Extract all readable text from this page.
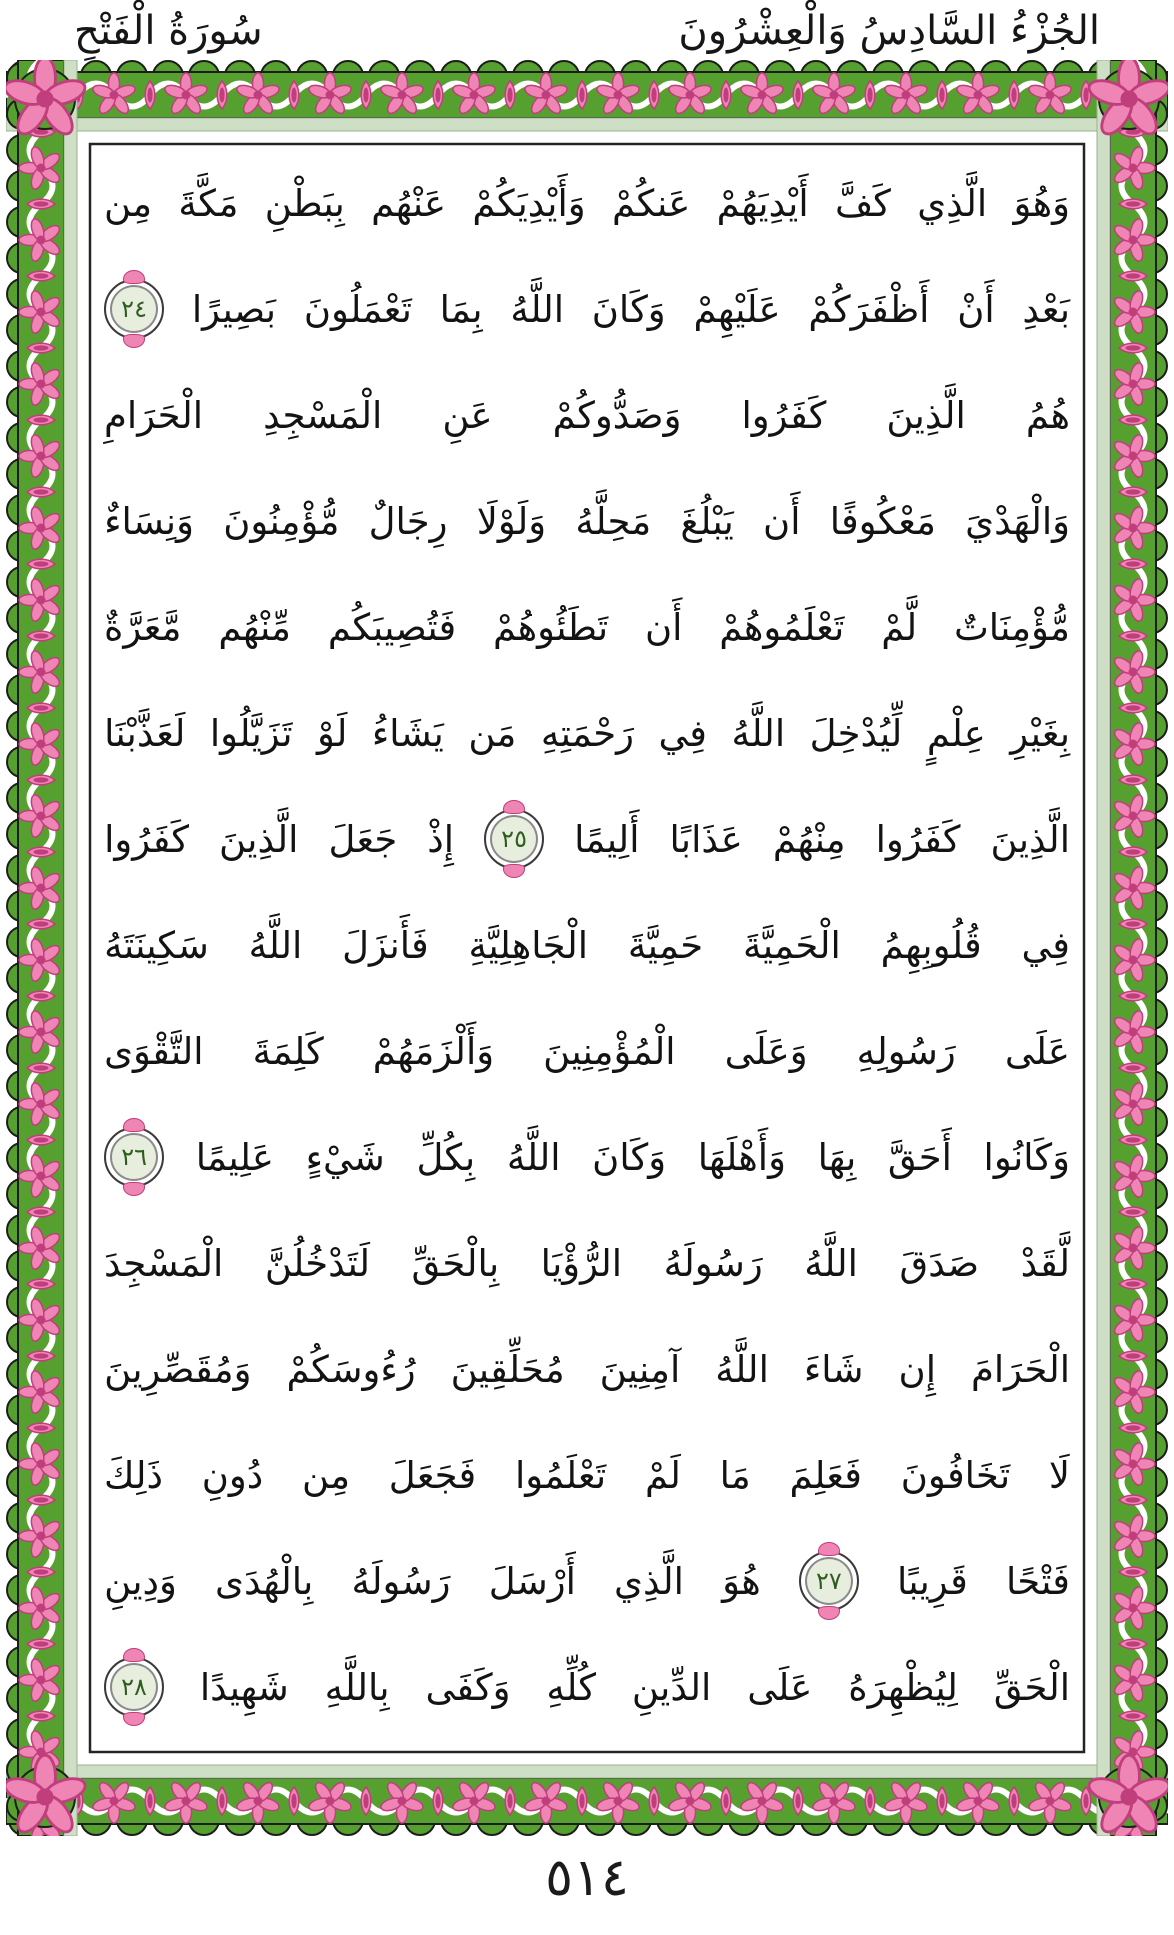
الجُزْءُ السَّادِسُ وَالْعِشْرُونَ
سُورَةُ الْفَتْحِ
وَهُوَ
الَّذِي
كَفَّ
أَيْدِيَهُمْ
عَنكُمْ
وَأَيْدِيَكُمْ
عَنْهُم
بِبَطْنِ
مَكَّةَ
مِن
بَعْدِ
أَنْ
أَظْفَرَكُمْ
عَلَيْهِمْ
وَكَانَ
اللَّهُ
بِمَا
تَعْمَلُونَ
بَصِيرًا
٢٤
هُمُ
الَّذِينَ
كَفَرُوا
وَصَدُّوكُمْ
عَنِ
الْمَسْجِدِ
الْحَرَامِ
وَالْهَدْيَ
مَعْكُوفًا
أَن
يَبْلُغَ
مَحِلَّهُ
وَلَوْلَا
رِجَالٌ
مُّؤْمِنُونَ
وَنِسَاءٌ
مُّؤْمِنَاتٌ
لَّمْ
تَعْلَمُوهُمْ
أَن
تَطَئُوهُمْ
فَتُصِيبَكُم
مِّنْهُم
مَّعَرَّةٌ
بِغَيْرِ
عِلْمٍ
لِّيُدْخِلَ
اللَّهُ
فِي
رَحْمَتِهِ
مَن
يَشَاءُ
لَوْ
تَزَيَّلُوا
لَعَذَّبْنَا
الَّذِينَ
كَفَرُوا
مِنْهُمْ
عَذَابًا
أَلِيمًا
٢٥
إِذْ
جَعَلَ
الَّذِينَ
كَفَرُوا
فِي
قُلُوبِهِمُ
الْحَمِيَّةَ
حَمِيَّةَ
الْجَاهِلِيَّةِ
فَأَنزَلَ
اللَّهُ
سَكِينَتَهُ
عَلَى
رَسُولِهِ
وَعَلَى
الْمُؤْمِنِينَ
وَأَلْزَمَهُمْ
كَلِمَةَ
التَّقْوَى
وَكَانُوا
أَحَقَّ
بِهَا
وَأَهْلَهَا
وَكَانَ
اللَّهُ
بِكُلِّ
شَيْءٍ
عَلِيمًا
٢٦
لَّقَدْ
صَدَقَ
اللَّهُ
رَسُولَهُ
الرُّؤْيَا
بِالْحَقِّ
لَتَدْخُلُنَّ
الْمَسْجِدَ
الْحَرَامَ
إِن
شَاءَ
اللَّهُ
آمِنِينَ
مُحَلِّقِينَ
رُءُوسَكُمْ
وَمُقَصِّرِينَ
لَا
تَخَافُونَ
فَعَلِمَ
مَا
لَمْ
تَعْلَمُوا
فَجَعَلَ
مِن
دُونِ
ذَلِكَ
فَتْحًا
قَرِيبًا
٢٧
هُوَ
الَّذِي
أَرْسَلَ
رَسُولَهُ
بِالْهُدَى
وَدِينِ
الْحَقِّ
لِيُظْهِرَهُ
عَلَى
الدِّينِ
كُلِّهِ
وَكَفَى
بِاللَّهِ
شَهِيدًا
٢٨
٥١٤
